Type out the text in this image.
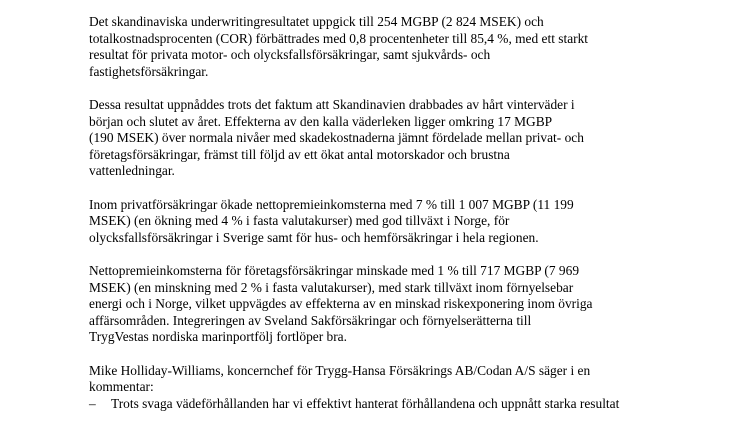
Det skandinaviska underwritingresultatet uppgick till 254 MGBP (2 824 MSEK) och
totalkostnadsprocenten (COR) förbättrades med 0,8 procentenheter till 85,4 %, med ett starkt
resultat för privata motor- och olycksfallsförsäkringar, samt sjukvårds- och
fastighetsförsäkringar.

Dessa resultat uppnåddes trots det faktum att Skandinavien drabbades av hårt vinterväder i
början och slutet av året. Effekterna av den kalla väderleken ligger omkring 17 MGBP
(190 MSEK) över normala nivåer med skadekostnaderna jämnt fördelade mellan privat- och
företagsförsäkringar, främst till följd av ett ökat antal motorskador och brustna
vattenledningar.

Inom privatförsäkringar ökade nettopremieinkomsterna med 7 % till 1 007 MGBP (11 199
MSEK) (en ökning med 4 % i fasta valutakurser) med god tillväxt i Norge, för
olycksfallsförsäkringar i Sverige samt för hus- och hemförsäkringar i hela regionen.

Nettopremieinkomsterna för företagsförsäkringar minskade med 1 % till 717 MGBP (7 969
MSEK) (en minskning med 2 % i fasta valutakurser), med stark tillväxt inom förnyelsebar
energi och i Norge, vilket uppvägdes av effekterna av en minskad riskexponering inom övriga
affärsområden. Integreringen av Sveland Sakförsäkringar och förnyelserätterna till
TrygVestas nordiska marinportfölj fortlöper bra.

Mike Holliday-Williams, koncernchef för Trygg-Hansa Försäkrings AB/Codan A/S säger i en
kommentar:
– Trots svaga vädeförhållanden har vi effektivt hanterat förhållandena och uppnått starka resultat
